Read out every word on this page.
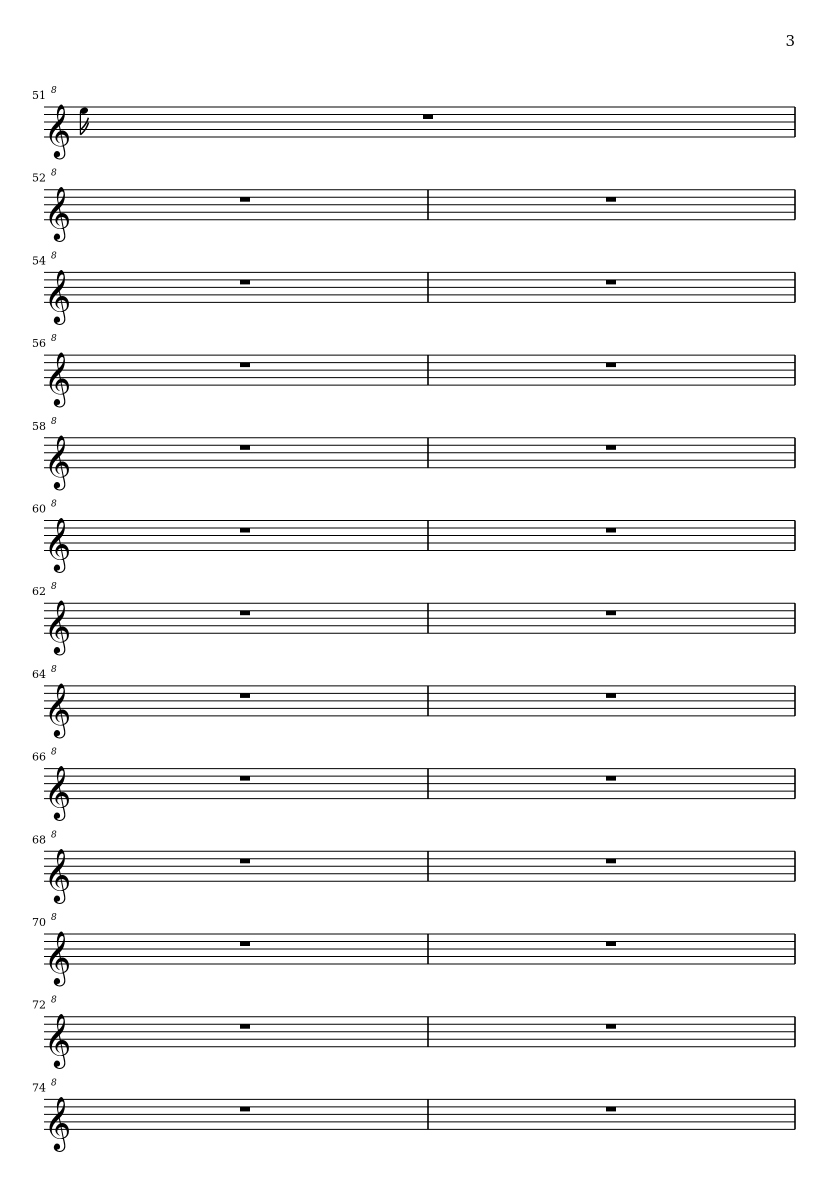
3
51 8
𝄞
52 8
𝄞
54 8
𝄞
56 8
𝄞
58 8
𝄞
60 8
𝄞
62 8
𝄞
64 8
𝄞
66 8
𝄞
68 8
𝄞
70 8
𝄞
72 8
𝄞
74 8
𝄞
